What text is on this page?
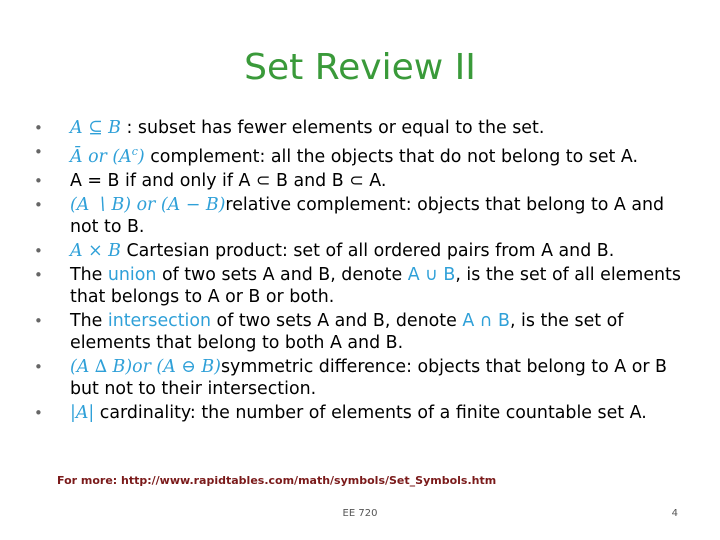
Set Review II
•	A ⊆ B : subset has fewer elements or equal to the set.
•	Ā or $(A^c)$ complement: all the objects that do not belong to set A.
•	A = B if and only if A ⊂ B and B ⊂ A.
•	(A ∖ B) or (A − B)relative complement: objects that belong to A and not to B.
•	A × B Cartesian product: set of all ordered pairs from A and B.
•	The union of two sets A and B, denote A ∪ B, is the set of all elements that belongs to A or B or both.
•	The intersection of two sets A and B, denote A ∩ B, is the set of elements that belong to both A and B.
•	(A ∆ B)or (A ⊖ B)symmetric difference: objects that belong to A or B but not to their intersection.
•	|A| cardinality: the number of elements of a finite countable set A.
For more: http://www.rapidtables.com/math/symbols/Set_Symbols.htm
EE 720	4
